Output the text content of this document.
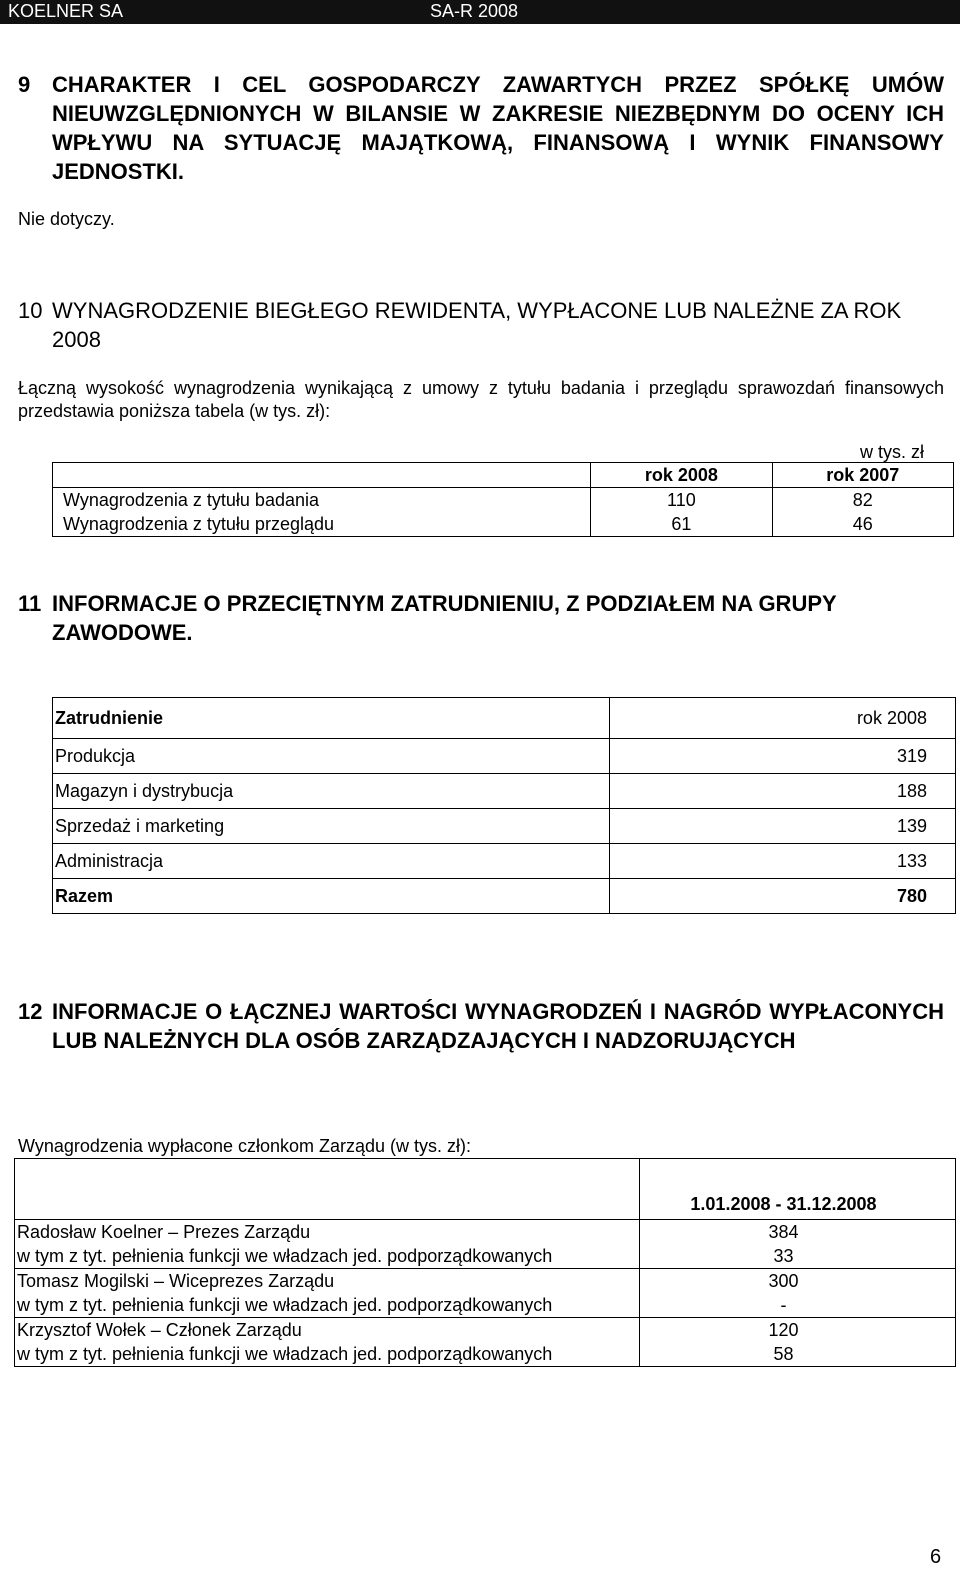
KOELNER SA	SA-R 2008
9 CHARAKTER I CEL GOSPODARCZY ZAWARTYCH PRZEZ SPÓŁKĘ UMÓW NIEUWZGLĘDNIONYCH W BILANSIE W ZAKRESIE NIEZBĘDNYM DO OCENY ICH WPŁYWU NA SYTUACJĘ MAJĄTKOWĄ, FINANSOWĄ I WYNIK FINANSOWY JEDNOSTKI.

Nie dotyczy.

10 WYNAGRODZENIE BIEGŁEGO REWIDENTA, WYPŁACONE LUB NALEŻNE ZA ROK 2008

Łączną wysokość wynagrodzenia wynikającą z umowy z tytułu badania i przeglądu sprawozdań finansowych przedstawia poniższa tabela (w tys. zł):

w tys. zł
	rok 2008	rok 2007
Wynagrodzenia z tytułu badania	110	82
Wynagrodzenia z tytułu przeglądu	61	46
11 INFORMACJE O PRZECIĘTNYM ZATRUDNIENIU, Z PODZIAŁEM NA GRUPY ZAWODOWE.
Zatrudnienie	rok 2008
Produkcja	319
Magazyn i dystrybucja	188
Sprzedaż i marketing	139
Administracja	133
Razem	780
12 INFORMACJE O ŁĄCZNEJ WARTOŚCI WYNAGRODZEŃ I NAGRÓD WYPŁACONYCH LUB NALEŻNYCH DLA OSÓB ZARZĄDZAJĄCYCH I NADZORUJĄCYCH

Wynagrodzenia wypłacone członkom Zarządu (w tys. zł):

	1.01.2008 - 31.12.2008
Radosław Koelner – Prezes Zarządu	384
w tym z tyt. pełnienia funkcji we władzach jed. podporządkowanych	33
Tomasz Mogilski – Wiceprezes Zarządu	300
w tym z tyt. pełnienia funkcji we władzach jed. podporządkowanych	-
Krzysztof Wołek – Członek Zarządu	120
w tym z tyt. pełnienia funkcji we władzach jed. podporządkowanych	58
6
